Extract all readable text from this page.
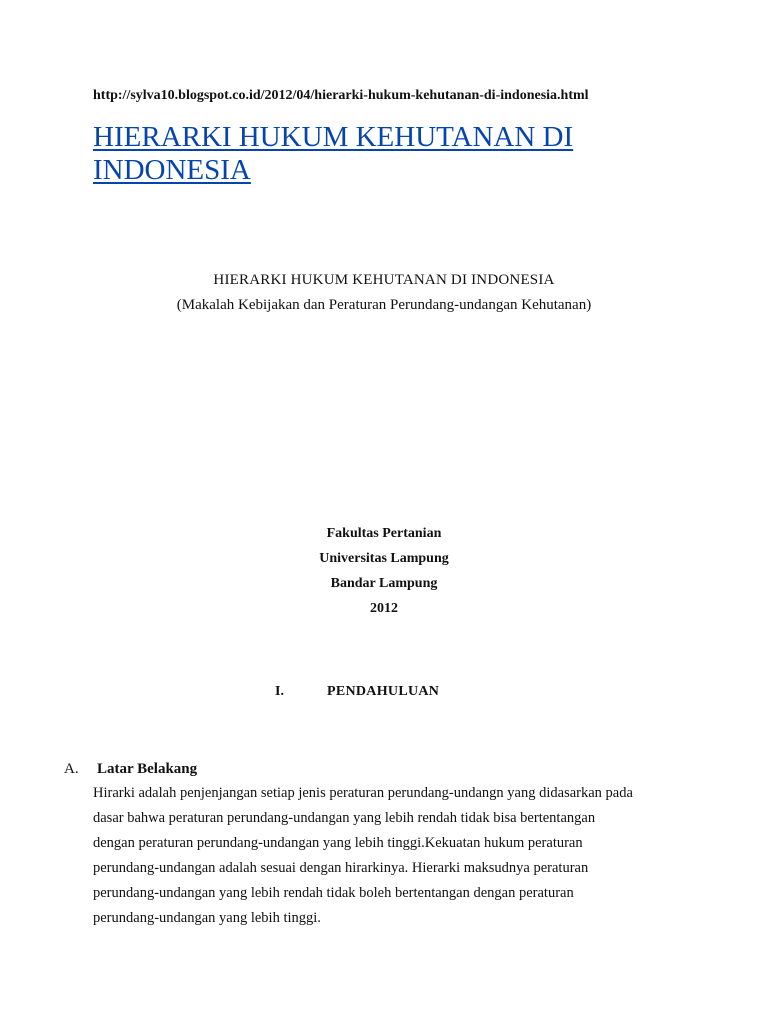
http://sylva10.blogspot.co.id/2012/04/hierarki-hukum-kehutanan-di-indonesia.html
HIERARKI HUKUM KEHUTANAN DI INDONESIA
HIERARKI HUKUM KEHUTANAN DI INDONESIA
(Makalah Kebijakan dan Peraturan Perundang-undangan Kehutanan)
Fakultas Pertanian
Universitas Lampung
Bandar Lampung
2012
I.	PENDAHULUAN
A. Latar Belakang
Hirarki adalah penjenjangan setiap jenis peraturan perundang-undangn yang didasarkan pada
dasar bahwa peraturan perundang-undangan yang lebih rendah tidak bisa bertentangan
dengan peraturan perundang-undangan yang lebih tinggi.Kekuatan hukum peraturan
perundang-undangan adalah sesuai dengan hirarkinya. Hierarki maksudnya peraturan
perundang-undangan yang lebih rendah tidak boleh bertentangan dengan peraturan
perundang-undangan yang lebih tinggi.
